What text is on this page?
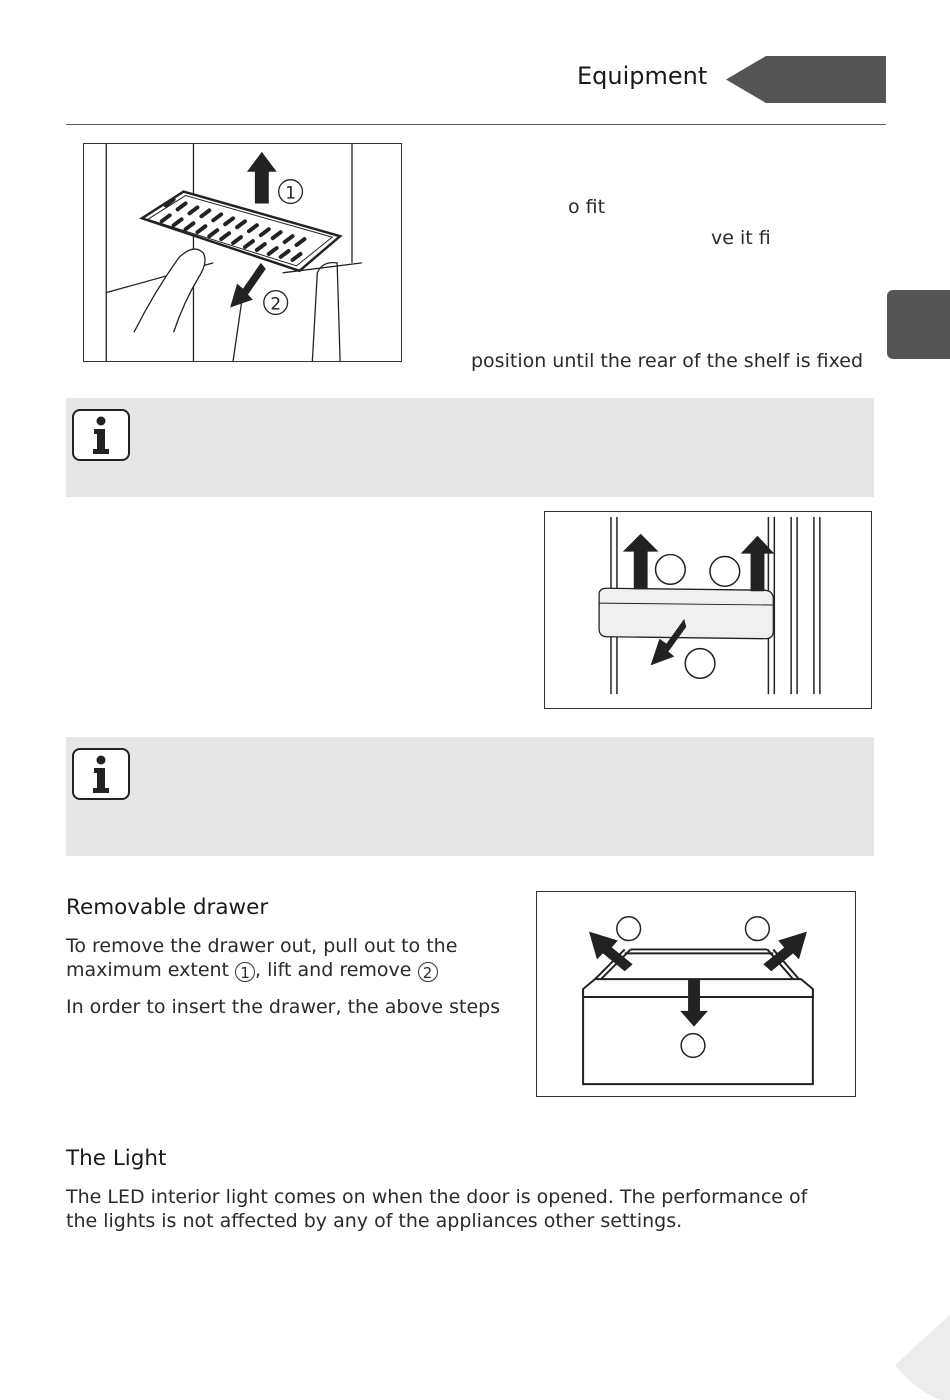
Equipment
1
2
o fit
ve it fi
position until the rear of the shelf is fixed
Removable drawer
To remove the drawer out, pull out to the
maximum extent 1 , lift and remove 2
In order to insert the drawer, the above steps
The Light
The LED interior light comes on when the door is opened. The performance of
the lights is not affected by any of the appliances other settings.
